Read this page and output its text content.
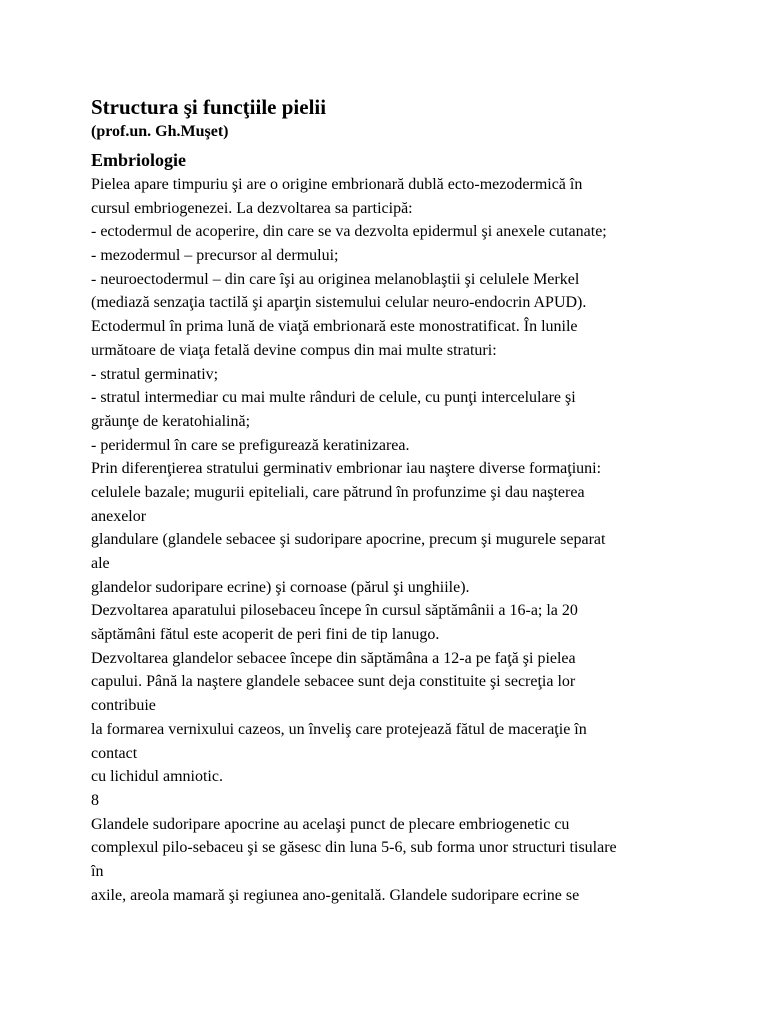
Structura şi funcţiile pielii
(prof.un. Gh.Muşet)
Embriologie
Pielea apare timpuriu şi are o origine embrionară dublă ecto-mezodermică în
cursul embriogenezei. La dezvoltarea sa participă:
- ectodermul de acoperire, din care se va dezvolta epidermul şi anexele cutanate;
- mezodermul – precursor al dermului;
- neuroectodermul – din care îşi au originea melanoblaştii şi celulele Merkel
(mediază senzaţia tactilă şi aparţin sistemului celular neuro-endocrin APUD).
Ectodermul în prima lună de viaţă embrionară este monostratificat. În lunile
următoare de viaţa fetală devine compus din mai multe straturi:
- stratul germinativ;
- stratul intermediar cu mai multe rânduri de celule, cu punţi intercelulare şi
grăunţe de keratohialină;
- peridermul în care se prefigurează keratinizarea.
Prin diferenţierea stratului germinativ embrionar iau naştere diverse formaţiuni:
celulele bazale; mugurii epiteliali, care pătrund în profunzime şi dau naşterea
anexelor
glandulare (glandele sebacee şi sudoripare apocrine, precum şi mugurele separat
ale
glandelor sudoripare ecrine) şi cornoase (părul şi unghiile).
Dezvoltarea aparatului pilosebaceu începe în cursul săptămânii a 16-a; la 20
săptămâni fătul este acoperit de peri fini de tip lanugo.
Dezvoltarea glandelor sebacee începe din săptămâna a 12-a pe faţă şi pielea
capului. Până la naştere glandele sebacee sunt deja constituite şi secreţia lor
contribuie
la formarea vernixului cazeos, un înveliş care protejează fătul de maceraţie în
contact
cu lichidul amniotic.
8
Glandele sudoripare apocrine au acelaşi punct de plecare embriogenetic cu
complexul pilo-sebaceu şi se găsesc din luna 5-6, sub forma unor structuri tisulare
în
axile, areola mamară şi regiunea ano-genitală. Glandele sudoripare ecrine se
